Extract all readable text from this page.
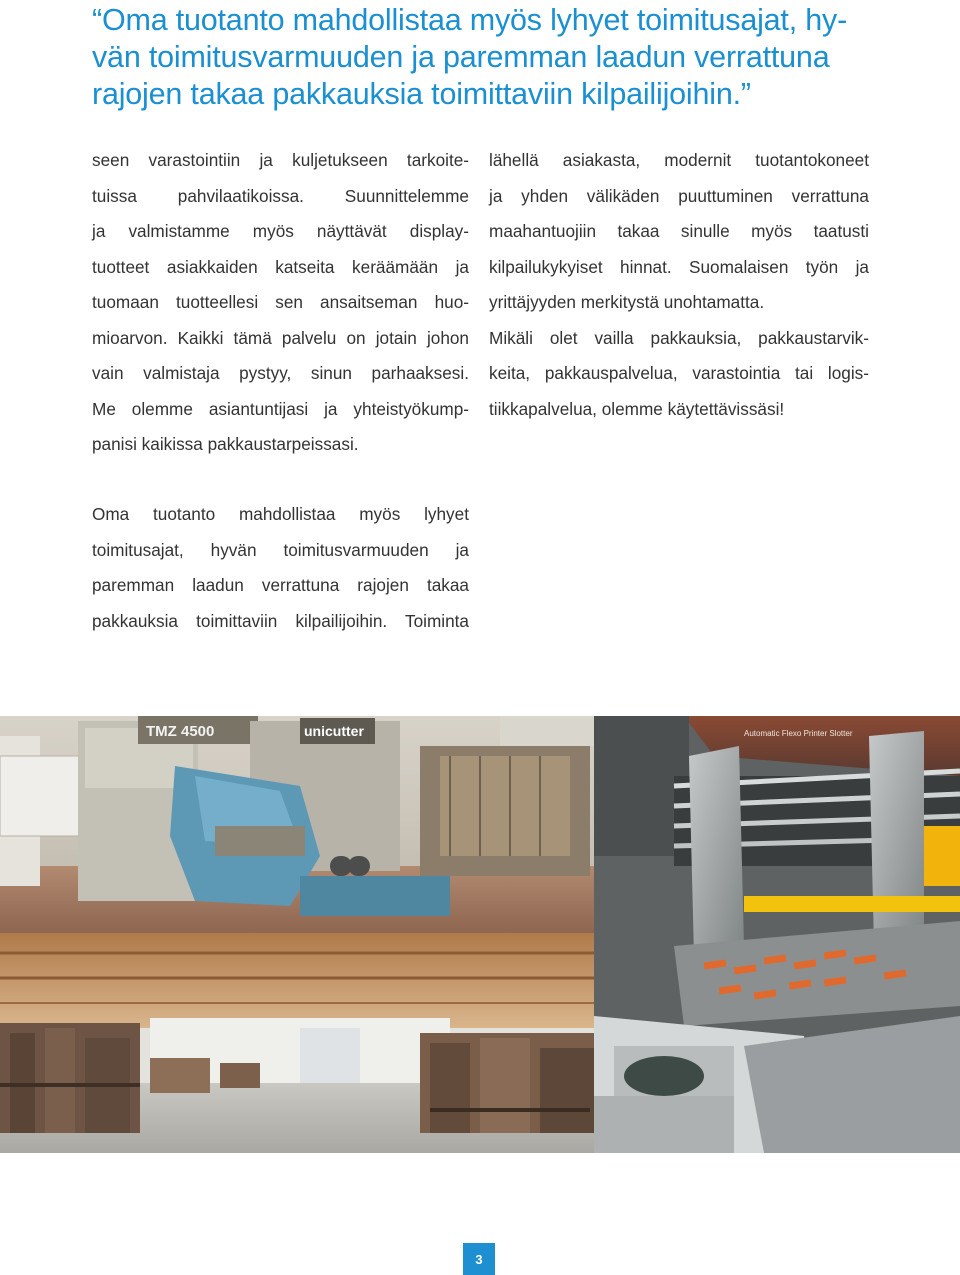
“Oma tuotanto mahdollistaa myös lyhyet toimitusajat, hy-
vän toimitusvarmuuden ja paremman laadun verrattuna
rajojen takaa pakkauksia toimittaviin kilpailijoihin.”
seen varastointiin ja kuljetukseen tarkoite-
tuissa pahvilaatikoissa. Suunnittelemme
ja valmistamme myös näyttävät display-
tuotteet asiakkaiden katseita keräämään ja
tuomaan tuotteellesi sen ansaitseman huo-
mioarvon. Kaikki tämä palvelu on jotain johon
vain valmistaja pystyy, sinun parhaaksesi.
Me olemme asiantuntijasi ja yhteistyökump-
panisi kaikissa pakkaustarpeissasi.
lähellä asiakasta, modernit tuotantokoneet
ja yhden välikäden puuttuminen verrattuna
maahantuojiin takaa sinulle myös taatusti
kilpailukykyiset hinnat. Suomalaisen työn ja
yrittäjyyden merkitystä unohtamatta.
Mikäli olet vailla pakkauksia, pakkaustarvik-
keita, pakkauspalvelua, varastointia tai logis-
tiikkapalvelua, olemme käytettävissäsi!
Oma tuotanto mahdollistaa myös lyhyet
toimitusajat, hyvän toimitusvarmuuden ja
paremman laadun verrattuna rajojen takaa
pakkauksia toimittaviin kilpailijoihin. Toiminta
TMZ 4500	unicutter	Automatic Flexo Printer Slotter
3
